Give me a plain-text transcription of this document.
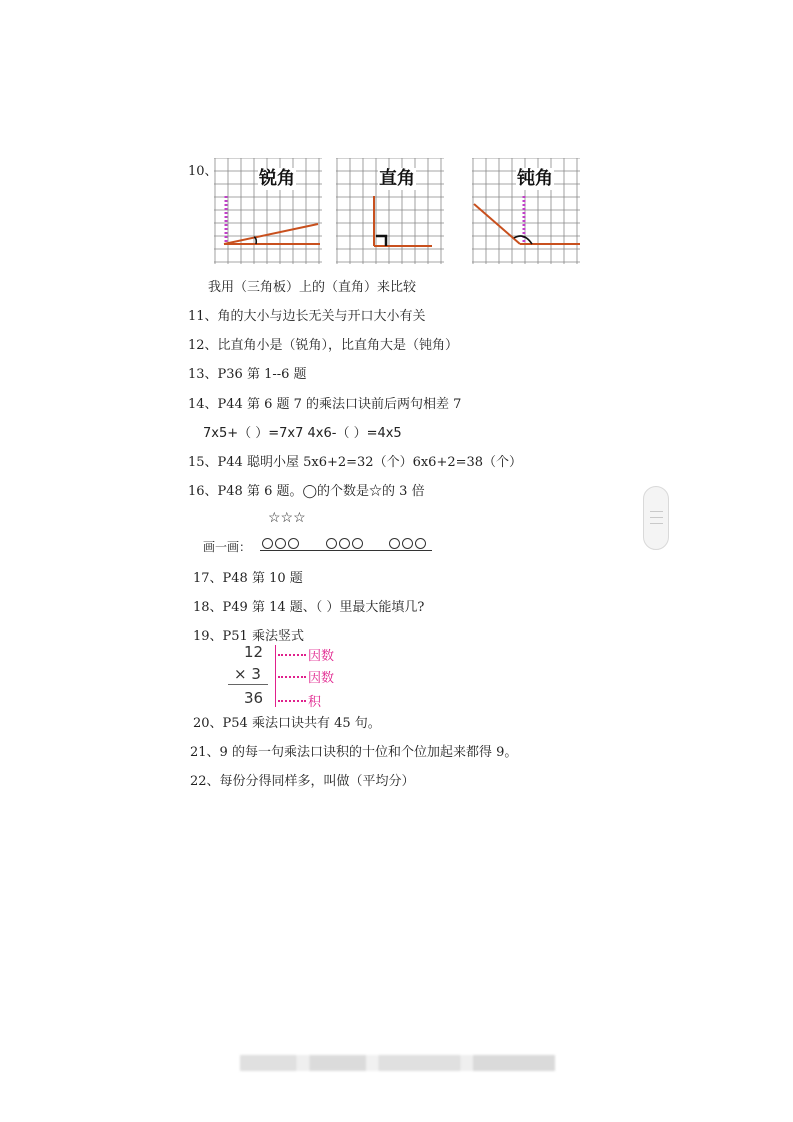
10、 锐角	直角	钝角
我用（三角板）上的（直角）来比较
11、角的大小与边长无关与开口大小有关
12、比直角小是（锐角），比直角大是（钝角）
13、P36 第 1--6 题
14、P44 第 6 题 7 的乘法口诀前后两句相差 7
7x5+（ ）=7x7 4x6-（ ）=4x5
15、P44 聪明小屋 5x6+2=32（个）6x6+2=38（个）
16、P48 第 6 题。◯的个数是☆的 3 倍
☆☆☆
画一画：
17、P48 第 10 题
18、P49 第 14 题、（ ）里最大能填几?
19、P51 乘法竖式
12
× 3
36
因数
因数
积
20、P54 乘法口诀共有 45 句。
21、9 的每一句乘法口诀积的十位和个位加起来都得 9。
22、每份分得同样多，叫做（平均分）
